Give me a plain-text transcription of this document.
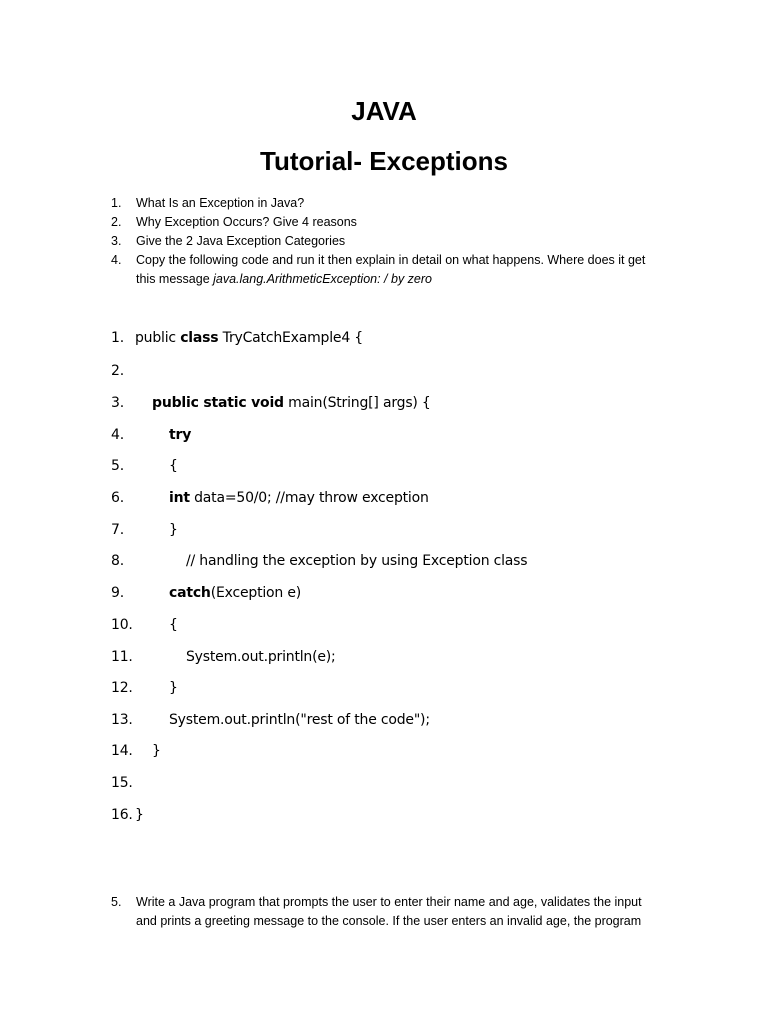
JAVA
Tutorial- Exceptions
1.	What Is an Exception in Java?
2.	Why Exception Occurs? Give 4 reasons
3.	Give the 2 Java Exception Categories
4.	Copy the following code and run it then explain in detail on what happens. Where does it get
this message java.lang.ArithmeticException: / by zero
1. public class TryCatchExample4 {
2.
3.	public static void main(String[] args) {
4.	try
5.	{
6.	int data=50/0; //may throw exception
7.	}
8.	// handling the exception by using Exception class
9.	catch(Exception e)
10.	{
11.	System.out.println(e);
12.	}
13.	System.out.println("rest of the code");
14. }
15.
16. }
5.	Write a Java program that prompts the user to enter their name and age, validates the input
and prints a greeting message to the console. If the user enters an invalid age, the program
